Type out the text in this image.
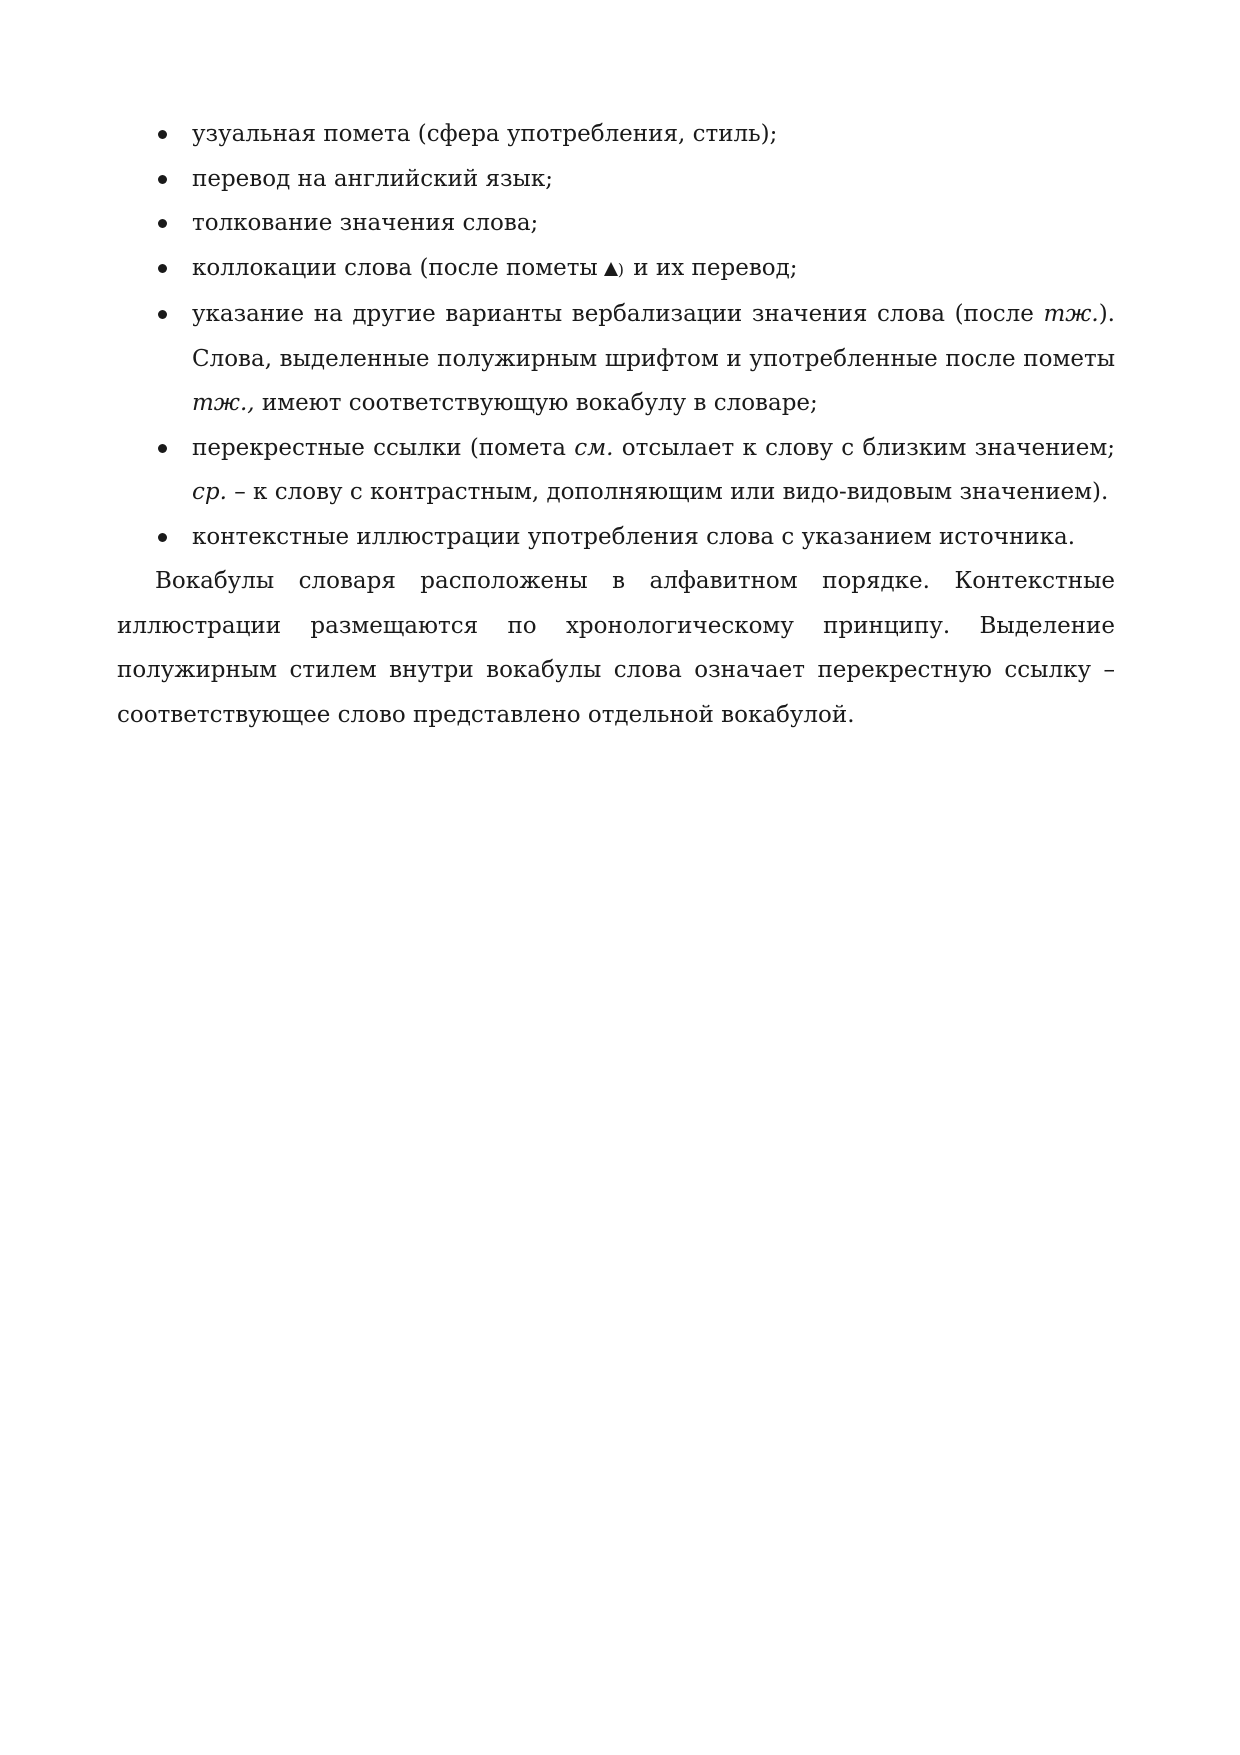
узуальная помета (сфера употребления, стиль);
перевод на английский язык;
толкование значения слова;
коллокации слова (после пометы ) и их перевод;
указание на другие варианты вербализации значения слова (после тж.). Слова, выделенные полужирным шрифтом и употребленные после пометы тж., имеют соответствующую вокабулу в словаре;
перекрестные ссылки (помета см. отсылает к слову с близким значением; ср. – к слову с контрастным, дополняющим или видо-видовым значением).
контекстные иллюстрации употребления слова с указанием источника.

Вокабулы словаря расположены в алфавитном порядке. Контекстные иллюстрации размещаются по хронологическому принципу. Выделение полужирным стилем внутри вокабулы слова означает перекрестную ссылку – соответствующее слово представлено отдельной вокабулой.
